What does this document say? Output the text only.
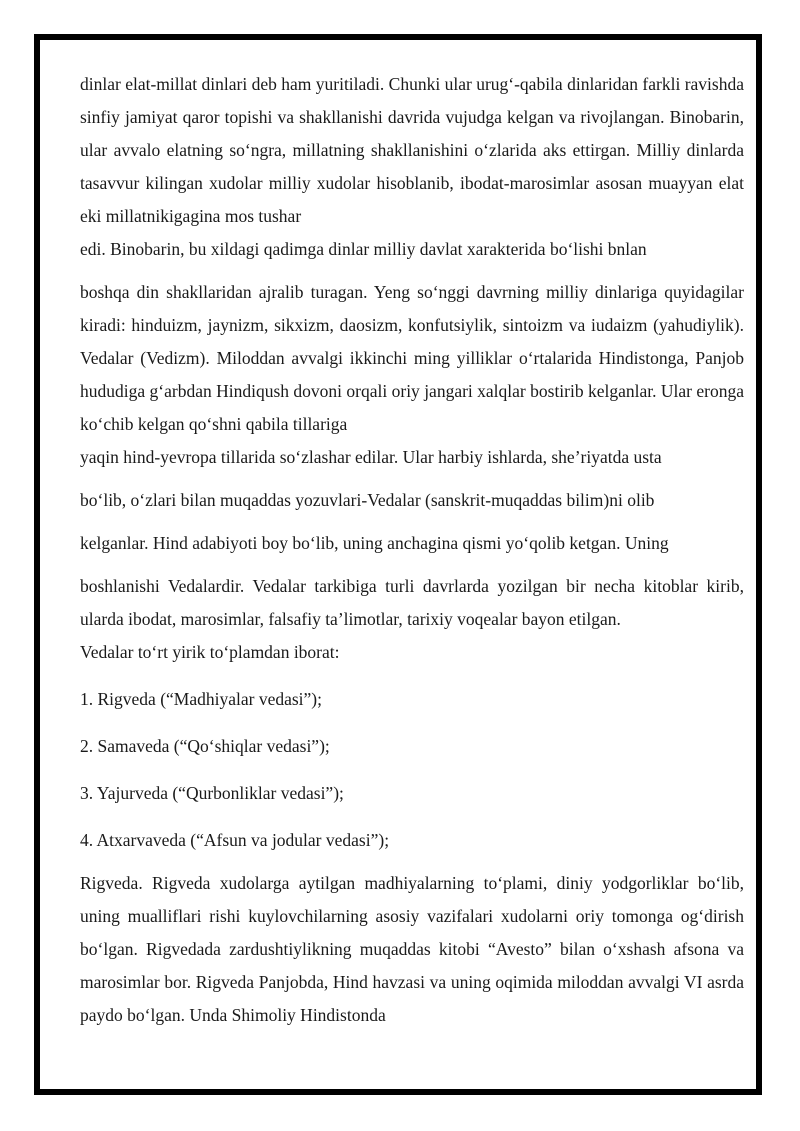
dinlar elat-millat dinlari deb ham yuritiladi. Chunki ular urug‘-qabila dinlaridan farkli ravishda sinfiy jamiyat qaror topishi va shakllanishi davrida vujudga kelgan va rivojlangan. Binobarin, ular avvalo elatning so‘ngra, millatning shakllanishini o‘zlarida aks ettirgan. Milliy dinlarda tasavvur kilingan xudolar milliy xudolar hisoblanib, ibodat-marosimlar asosan muayyan elat eki millatnikigagina mos tushar

edi. Binobarin, bu xildagi qadimga dinlar milliy davlat xarakterida bo‘lishi bnlan

boshqa din shakllaridan ajralib turagan. Yeng so‘nggi davrning milliy dinlariga quyidagilar kiradi: hinduizm, jaynizm, sikxizm, daosizm, konfutsiylik, sintoizm va iudaizm (yahudiylik). Vedalar (Vedizm). Miloddan avvalgi ikkinchi ming yilliklar o‘rtalarida Hindistonga, Panjob hududiga g‘arbdan Hindiqush dovoni orqali oriy jangari xalqlar bostirib kelganlar. Ular eronga ko‘chib kelgan qo‘shni qabila tillariga

yaqin hind-yevropa tillarida so‘zlashar edilar. Ular harbiy ishlarda, she’riyatda usta

bo‘lib, o‘zlari bilan muqaddas yozuvlari-Vedalar (sanskrit-muqaddas bilim)ni olib

kelganlar. Hind adabiyoti boy bo‘lib, uning anchagina qismi yo‘qolib ketgan. Uning

boshlanishi Vedalardir. Vedalar tarkibiga turli davrlarda yozilgan bir necha kitoblar kirib, ularda ibodat, marosimlar, falsafiy ta’limotlar, tarixiy voqealar bayon etilgan.

Vedalar to‘rt yirik to‘plamdan iborat:

1. Rigveda (“Madhiyalar vedasi”);
2. Samaveda (“Qo‘shiqlar vedasi”);
3. Yajurveda (“Qurbonliklar vedasi”);
4. Atxarvaveda (“Afsun va jodular vedasi”);

Rigveda. Rigveda xudolarga aytilgan madhiyalarning to‘plami, diniy yodgorliklar bo‘lib, uning mualliflari rishi kuylovchilarning asosiy vazifalari xudolarni oriy tomonga og‘dirish bo‘lgan. Rigvedada zardushtiylikning muqaddas kitobi “Avesto” bilan o‘xshash afsona va marosimlar bor. Rigveda Panjobda, Hind havzasi va uning oqimida miloddan avvalgi VI asrda paydo bo‘lgan. Unda Shimoliy Hindistonda
